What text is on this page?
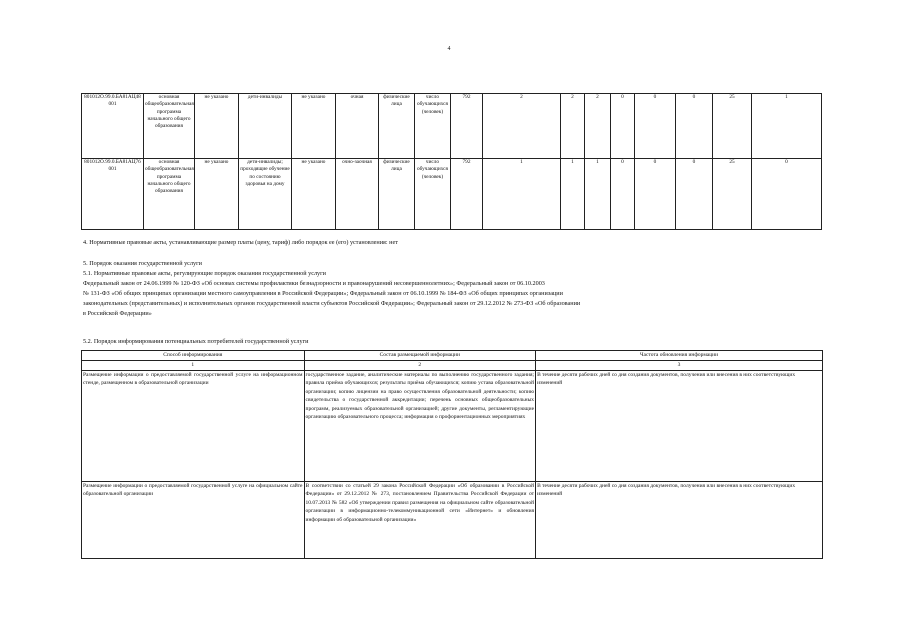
4
801012О.99.0.БА81АЦ48001	основная общеобразовательная программа начального общего образования	не указано	дети-инвалиды	не указано	очная	физические лица	число обучающихся (человек)	792	2	2	2	0	0	0	25	1
801012О.99.0.БА81АЦ76001	основная общеобразовательная программа начального общего образования	не указано	дети-инвалиды; проходящие обучение по состоянию здоровья на дому	не указано	очно-заочная	физические лица	число обучающихся (человек)	792	1	1	1	0	0	0	25	0
4. Нормативные правовые акты, устанавливающие размер платы (цену, тариф) либо порядок ее (его) установления: нет
5. Порядок оказания государственной услуги
5.1. Нормативные правовые акты, регулирующие порядок оказания государственной услуги
Федеральный закон от 24.06.1999 № 120-ФЗ «Об основах системы профилактики безнадзорности и правонарушений несовершеннолетних»; Федеральный закон от 06.10.2003
№ 131-ФЗ «Об общих принципах организации местного самоуправления в Российской Федерации»; Федеральный закон от 06.10.1999 № 184-ФЗ «Об общих принципах организации
законодательных (представительных) и исполнительных органов государственной власти субъектов Российской Федерации»; Федеральный закон от 29.12.2012 № 273-ФЗ «Об образовании
в Российской Федерации»
5.2. Порядок информирования потенциальных потребителей государственной услуги
Способ информирования	Состав размещаемой информации	Частота обновления информации
1	2	3
Размещение информации о предоставляемой государственной услуге на информационном стенде, размещенном в образовательной организации	государственное задание, аналитические материалы по выполнению государственного задания; правила приёма обучающихся; результаты приёма обучающихся; копию устава образовательной организации; копию лицензии на право осуществления образовательной деятельности; копию свидетельства о государственной аккредитации; перечень основных общеобразовательных программ, реализуемых образовательной организацией; другие документы, регламентирующие организацию образовательного процесса; информация о профориентационных мероприятиях	В течение десяти рабочих дней со дня создания документов, получения или внесения в них соответствующих изменений
Размещение информации о предоставляемой государственной услуге на официальном сайте образовательной организации	В соответствии со статьей 29 закона Российской Федерации «Об образовании в Российской Федерации» от 29.12.2012 № 273, постановлением Правительства Российской Федерации от 10.07.2013 № 582 «Об утверждении правил размещения на официальном сайте образовательной организации в информационно-телекоммуникационной сети «Интернет» и обновления информации об образовательной организации»	В течение десяти рабочих дней со дня создания документов, получения или внесения в них соответствующих изменений
